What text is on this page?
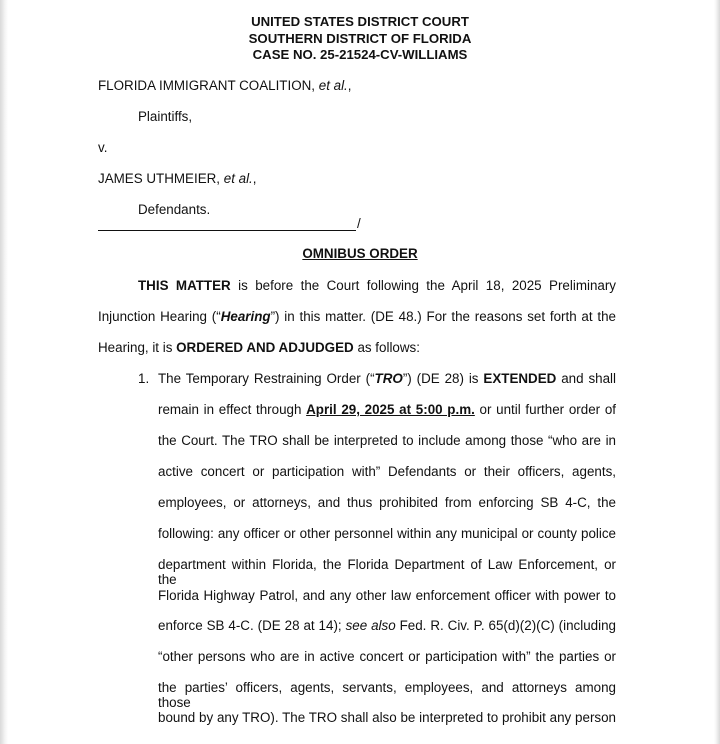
UNITED STATES DISTRICT COURT
SOUTHERN DISTRICT OF FLORIDA
CASE NO. 25-21524-CV-WILLIAMS
FLORIDA IMMIGRANT COALITION, et al.,
Plaintiffs,
v.
JAMES UTHMEIER, et al.,
Defendants.
/
OMNIBUS ORDER
THIS MATTER is before the Court following the April 18, 2025 Preliminary
Injunction Hearing (“Hearing”) in this matter. (DE 48.) For the reasons set forth at the
Hearing, it is ORDERED AND ADJUDGED as follows:
1. The Temporary Restraining Order (“TRO”) (DE 28) is EXTENDED and shall
remain in effect through April 29, 2025 at 5:00 p.m. or until further order of
the Court. The TRO shall be interpreted to include among those “who are in
active concert or participation with” Defendants or their officers, agents,
employees, or attorneys, and thus prohibited from enforcing SB 4-C, the
following: any officer or other personnel within any municipal or county police
department within Florida, the Florida Department of Law Enforcement, or the
Florida Highway Patrol, and any other law enforcement officer with power to
enforce SB 4-C. (DE 28 at 14); see also Fed. R. Civ. P. 65(d)(2)(C) (including
“other persons who are in active concert or participation with” the parties or
the parties’ officers, agents, servants, employees, and attorneys among those
bound by any TRO). The TRO shall also be interpreted to prohibit any person
